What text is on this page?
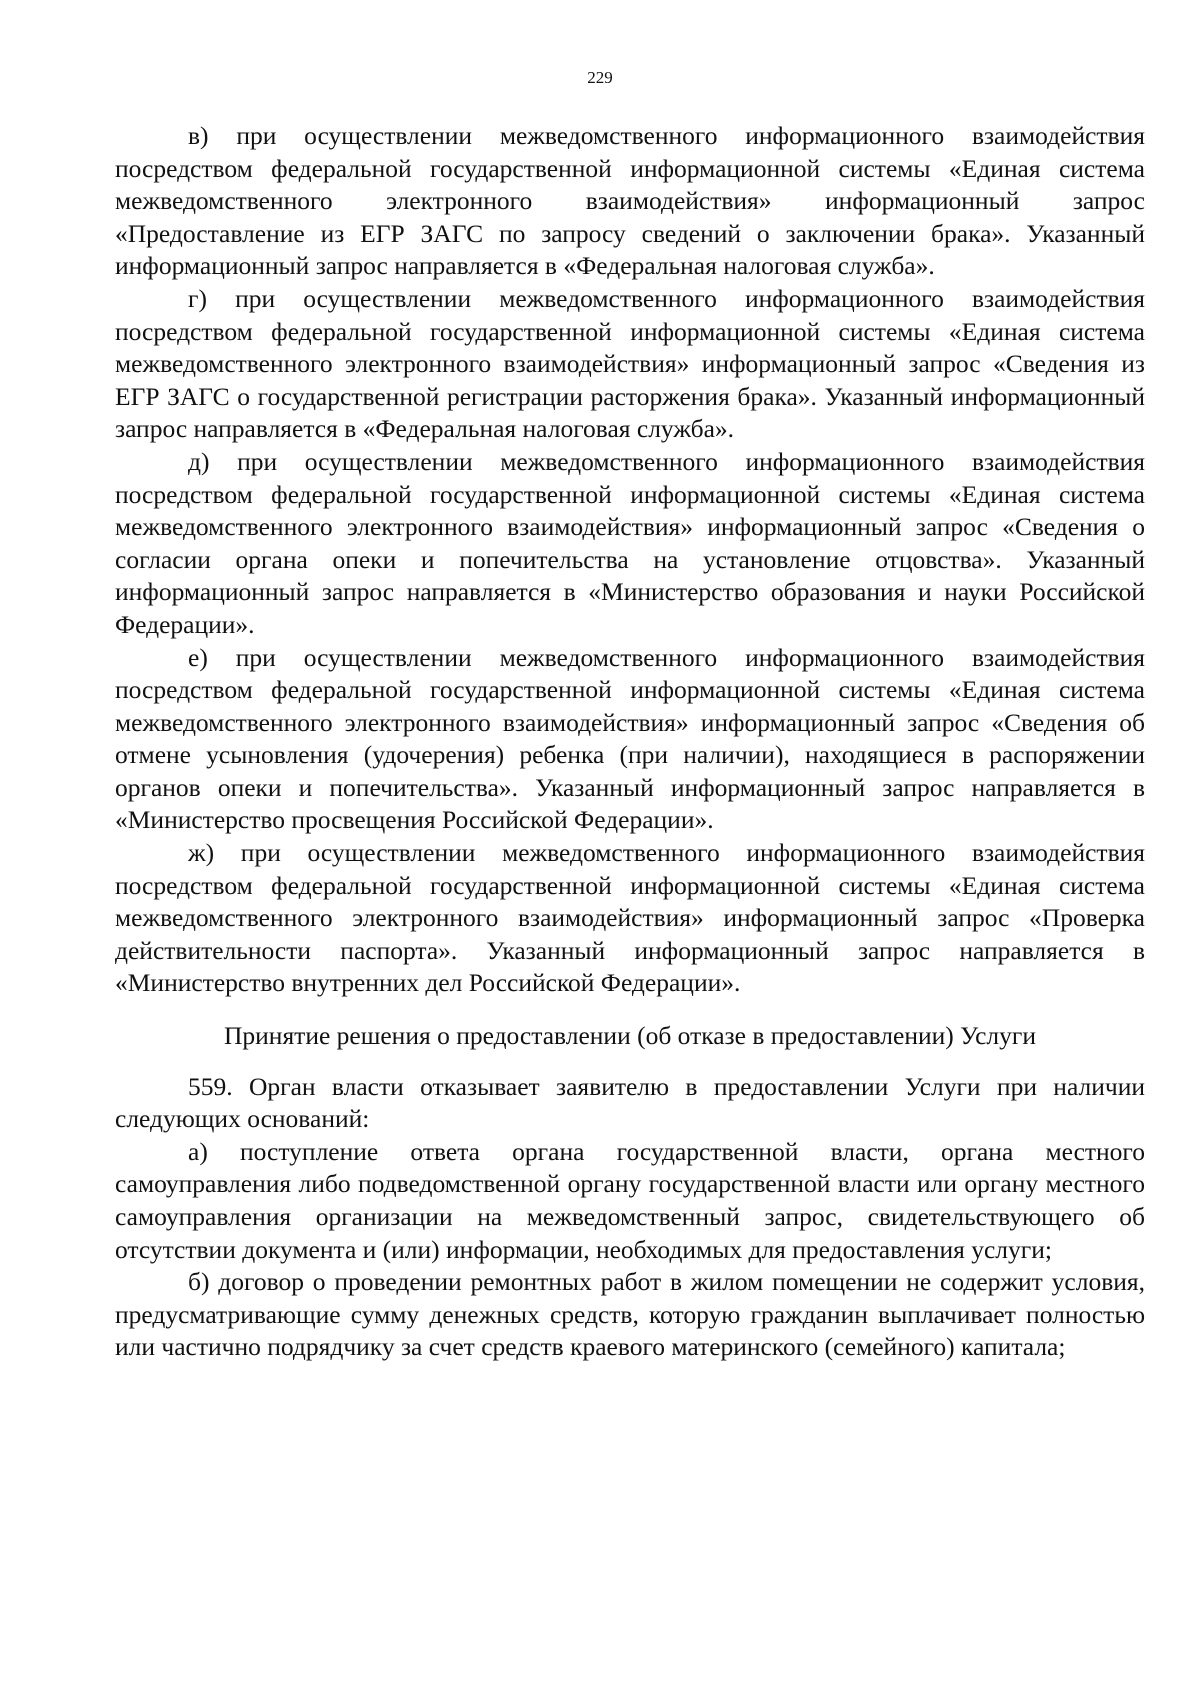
229

в) при осуществлении межведомственного информационного взаимодействия посредством федеральной государственной информационной системы «Единая система межведомственного электронного взаимодействия» информационный запрос «Предоставление из ЕГР ЗАГС по запросу сведений о заключении брака». Указанный информационный запрос направляется в «Федеральная налоговая служба».

г) при осуществлении межведомственного информационного взаимодействия посредством федеральной государственной информационной системы «Единая система межведомственного электронного взаимодействия» информационный запрос «Сведения из ЕГР ЗАГС о государственной регистрации расторжения брака». Указанный информационный запрос направляется в «Федеральная налоговая служба».

д) при осуществлении межведомственного информационного взаимодействия посредством федеральной государственной информационной системы «Единая система межведомственного электронного взаимодействия» информационный запрос «Сведения о согласии органа опеки и попечительства на установление отцовства». Указанный информационный запрос направляется в «Министерство образования и науки Российской Федерации».

е) при осуществлении межведомственного информационного взаимодействия посредством федеральной государственной информационной системы «Единая система межведомственного электронного взаимодействия» информационный запрос «Сведения об отмене усыновления (удочерения) ребенка (при наличии), находящиеся в распоряжении органов опеки и попечительства». Указанный информационный запрос направляется в «Министерство просвещения Российской Федерации».

ж) при осуществлении межведомственного информационного взаимодействия посредством федеральной государственной информационной системы «Единая система межведомственного электронного взаимодействия» информационный запрос «Проверка действительности паспорта». Указанный информационный запрос направляется в «Министерство внутренних дел Российской Федерации».

Принятие решения о предоставлении (об отказе в предоставлении) Услуги

559. Орган власти отказывает заявителю в предоставлении Услуги при наличии следующих оснований:

а) поступление ответа органа государственной власти, органа местного самоуправления либо подведомственной органу государственной власти или органу местного самоуправления организации на межведомственный запрос, свидетельствующего об отсутствии документа и (или) информации, необходимых для предоставления услуги;

б) договор о проведении ремонтных работ в жилом помещении не содержит условия, предусматривающие сумму денежных средств, которую гражданин выплачивает полностью или частично подрядчику за счет средств краевого материнского (семейного) капитала;
